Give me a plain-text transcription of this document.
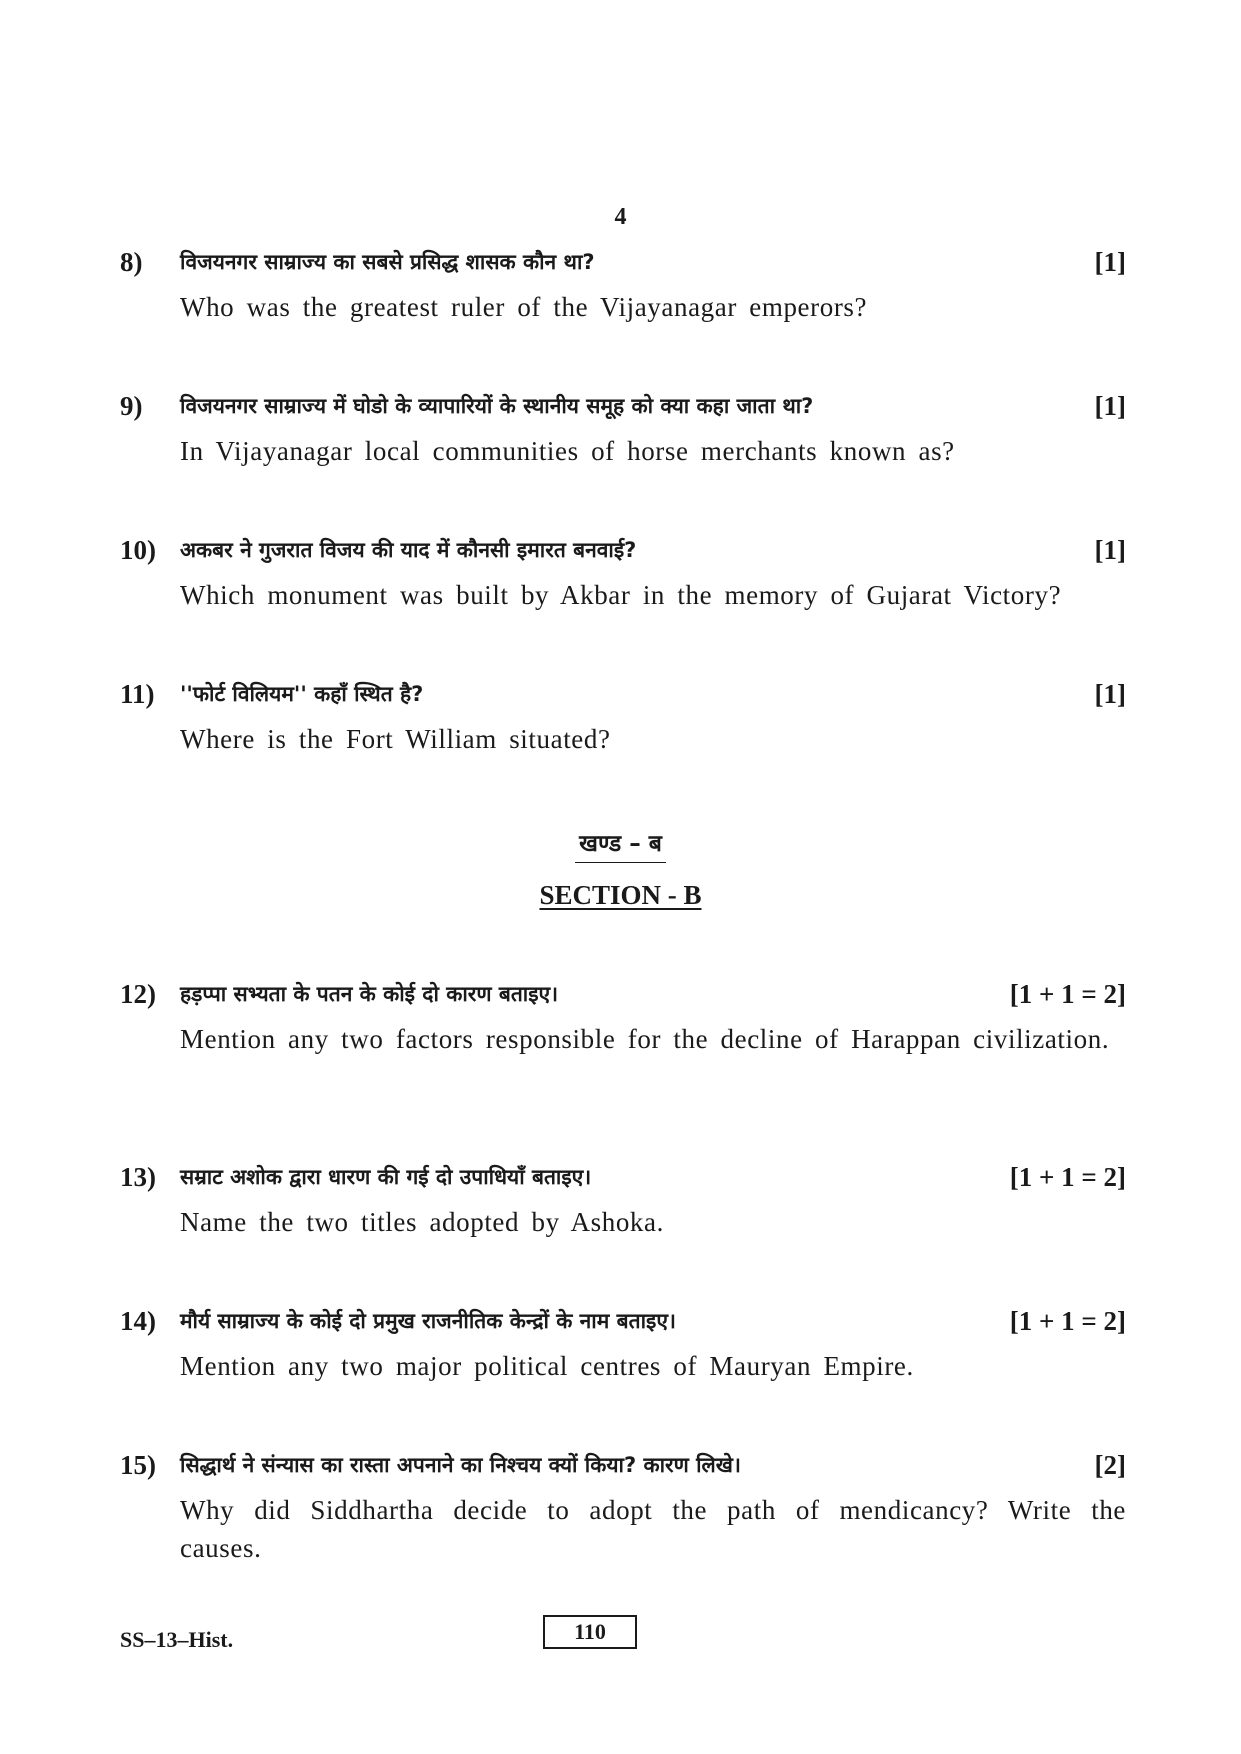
4
8) विजयनगर साम्राज्य का सबसे प्रसिद्ध शासक कौन था?	[1]
Who was the greatest ruler of the Vijayanagar emperors?
9) विजयनगर साम्राज्य में घोडो के व्यापारियों के स्थानीय समूह को क्या कहा जाता था?	[1]
In Vijayanagar local communities of horse merchants known as?
10) अकबर ने गुजरात विजय की याद में कौनसी इमारत बनवाई?	[1]
Which monument was built by Akbar in the memory of Gujarat Victory?
11) ''फोर्ट विलियम'' कहाँ स्थित है?	[1]
Where is the Fort William situated?
खण्ड – ब
SECTION - B
12) हड़प्पा सभ्यता के पतन के कोई दो कारण बताइए।	[1 + 1 = 2]
Mention any two factors responsible for the decline of Harappan civilization.
13) सम्राट अशोक द्वारा धारण की गई दो उपाधियाँ बताइए।	[1 + 1 = 2]
Name the two titles adopted by Ashoka.
14) मौर्य साम्राज्य के कोई दो प्रमुख राजनीतिक केन्द्रों के नाम बताइए।	[1 + 1 = 2]
Mention any two major political centres of Mauryan Empire.
15) सिद्धार्थ ने संन्यास का रास्ता अपनाने का निश्चय क्यों किया? कारण लिखे।	[2]
Why did Siddhartha decide to adopt the path of mendicancy? Write the causes.
SS–13–Hist.	110
